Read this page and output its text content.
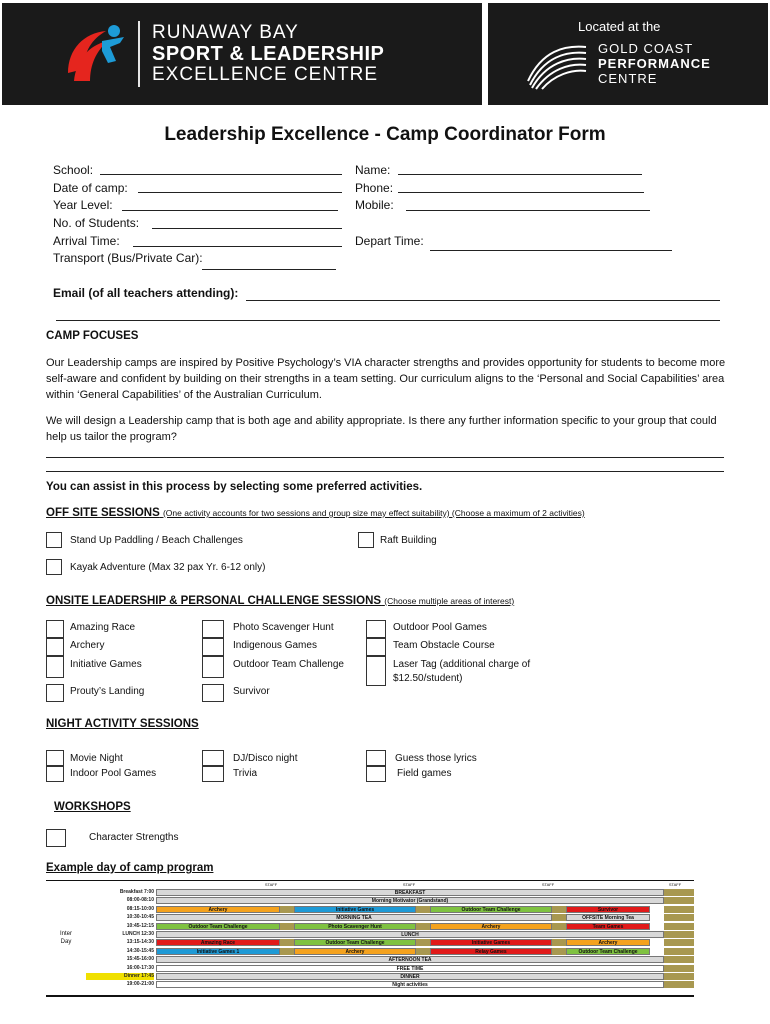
RUNAWAY BAY
SPORT & LEADERSHIP
EXCELLENCE CENTRE
Located at the
GOLD COAST
PERFORMANCE
CENTRE
Leadership Excellence - Camp Coordinator Form
School:
Date of camp:
Year Level:
No. of Students:
Arrival Time:
Transport (Bus/Private Car):
Name:
Phone:
Mobile:
Depart Time:
Email (of all teachers attending):
CAMP FOCUSES
Our Leadership camps are inspired by Positive Psychology’s VIA character strengths and provides opportunity for students to become more self-aware and confident by building on their strengths in a team setting. Our curriculum aligns to the ‘Personal and Social Capabilities’ area within ‘General Capabilities’ of the Australian Curriculum.
We will design a Leadership camp that is both age and ability appropriate. Is there any further information specific to your group that could help us tailor the program?
You can assist in this process by selecting some preferred activities.
OFF SITE SESSIONS (One activity accounts for two sessions and group size may effect suitability) (Choose a maximum of 2 activities)
Stand Up Paddling / Beach Challenges	Raft Building
Kayak Adventure (Max 32 pax Yr. 6-12 only)
ONSITE LEADERSHIP & PERSONAL CHALLENGE SESSIONS (Choose multiple areas of interest)
Amazing Race
Archery
Initiative Games
Prouty’s Landing
Photo Scavenger Hunt
Indigenous Games
Outdoor Team Challenge
Survivor
Outdoor Pool Games
Team Obstacle Course
Laser Tag (additional charge of
$12.50/student)
NIGHT ACTIVITY SESSIONS
Movie Night
Indoor Pool Games
DJ/Disco night
Trivia
Guess those lyrics
Field games
WORKSHOPS
Character Strengths
Example day of camp program
Inter
Day
STAFF	STAFF	STAFF	STAFF
Breakfast 7:00	BREAKFAST
08:00-08:10	Morning Motivator (Grandstand)
08:15-10:00	Archery	Initiative Games	Outdoor Team Challenge	Survivor
10:30-10:45	MORNING TEA	OFFSITE Morning Tea
10:45-12:15	Outdoor Team Challenge	Photo Scavenger Hunt	Archery	Team Games
LUNCH 12:30	LUNCH
13:15-14:30	Amazing Race	Outdoor Team Challenge	Initiative Games	Archery
14:30-15:45	Initiative Games 1	Archery	Relay Games	Outdoor Team Challenge
15:45-16:00	AFTERNOON TEA
16:00-17:30	FREE TIME
Dinner 17:45	DINNER
19:00-21:00	Night activities
